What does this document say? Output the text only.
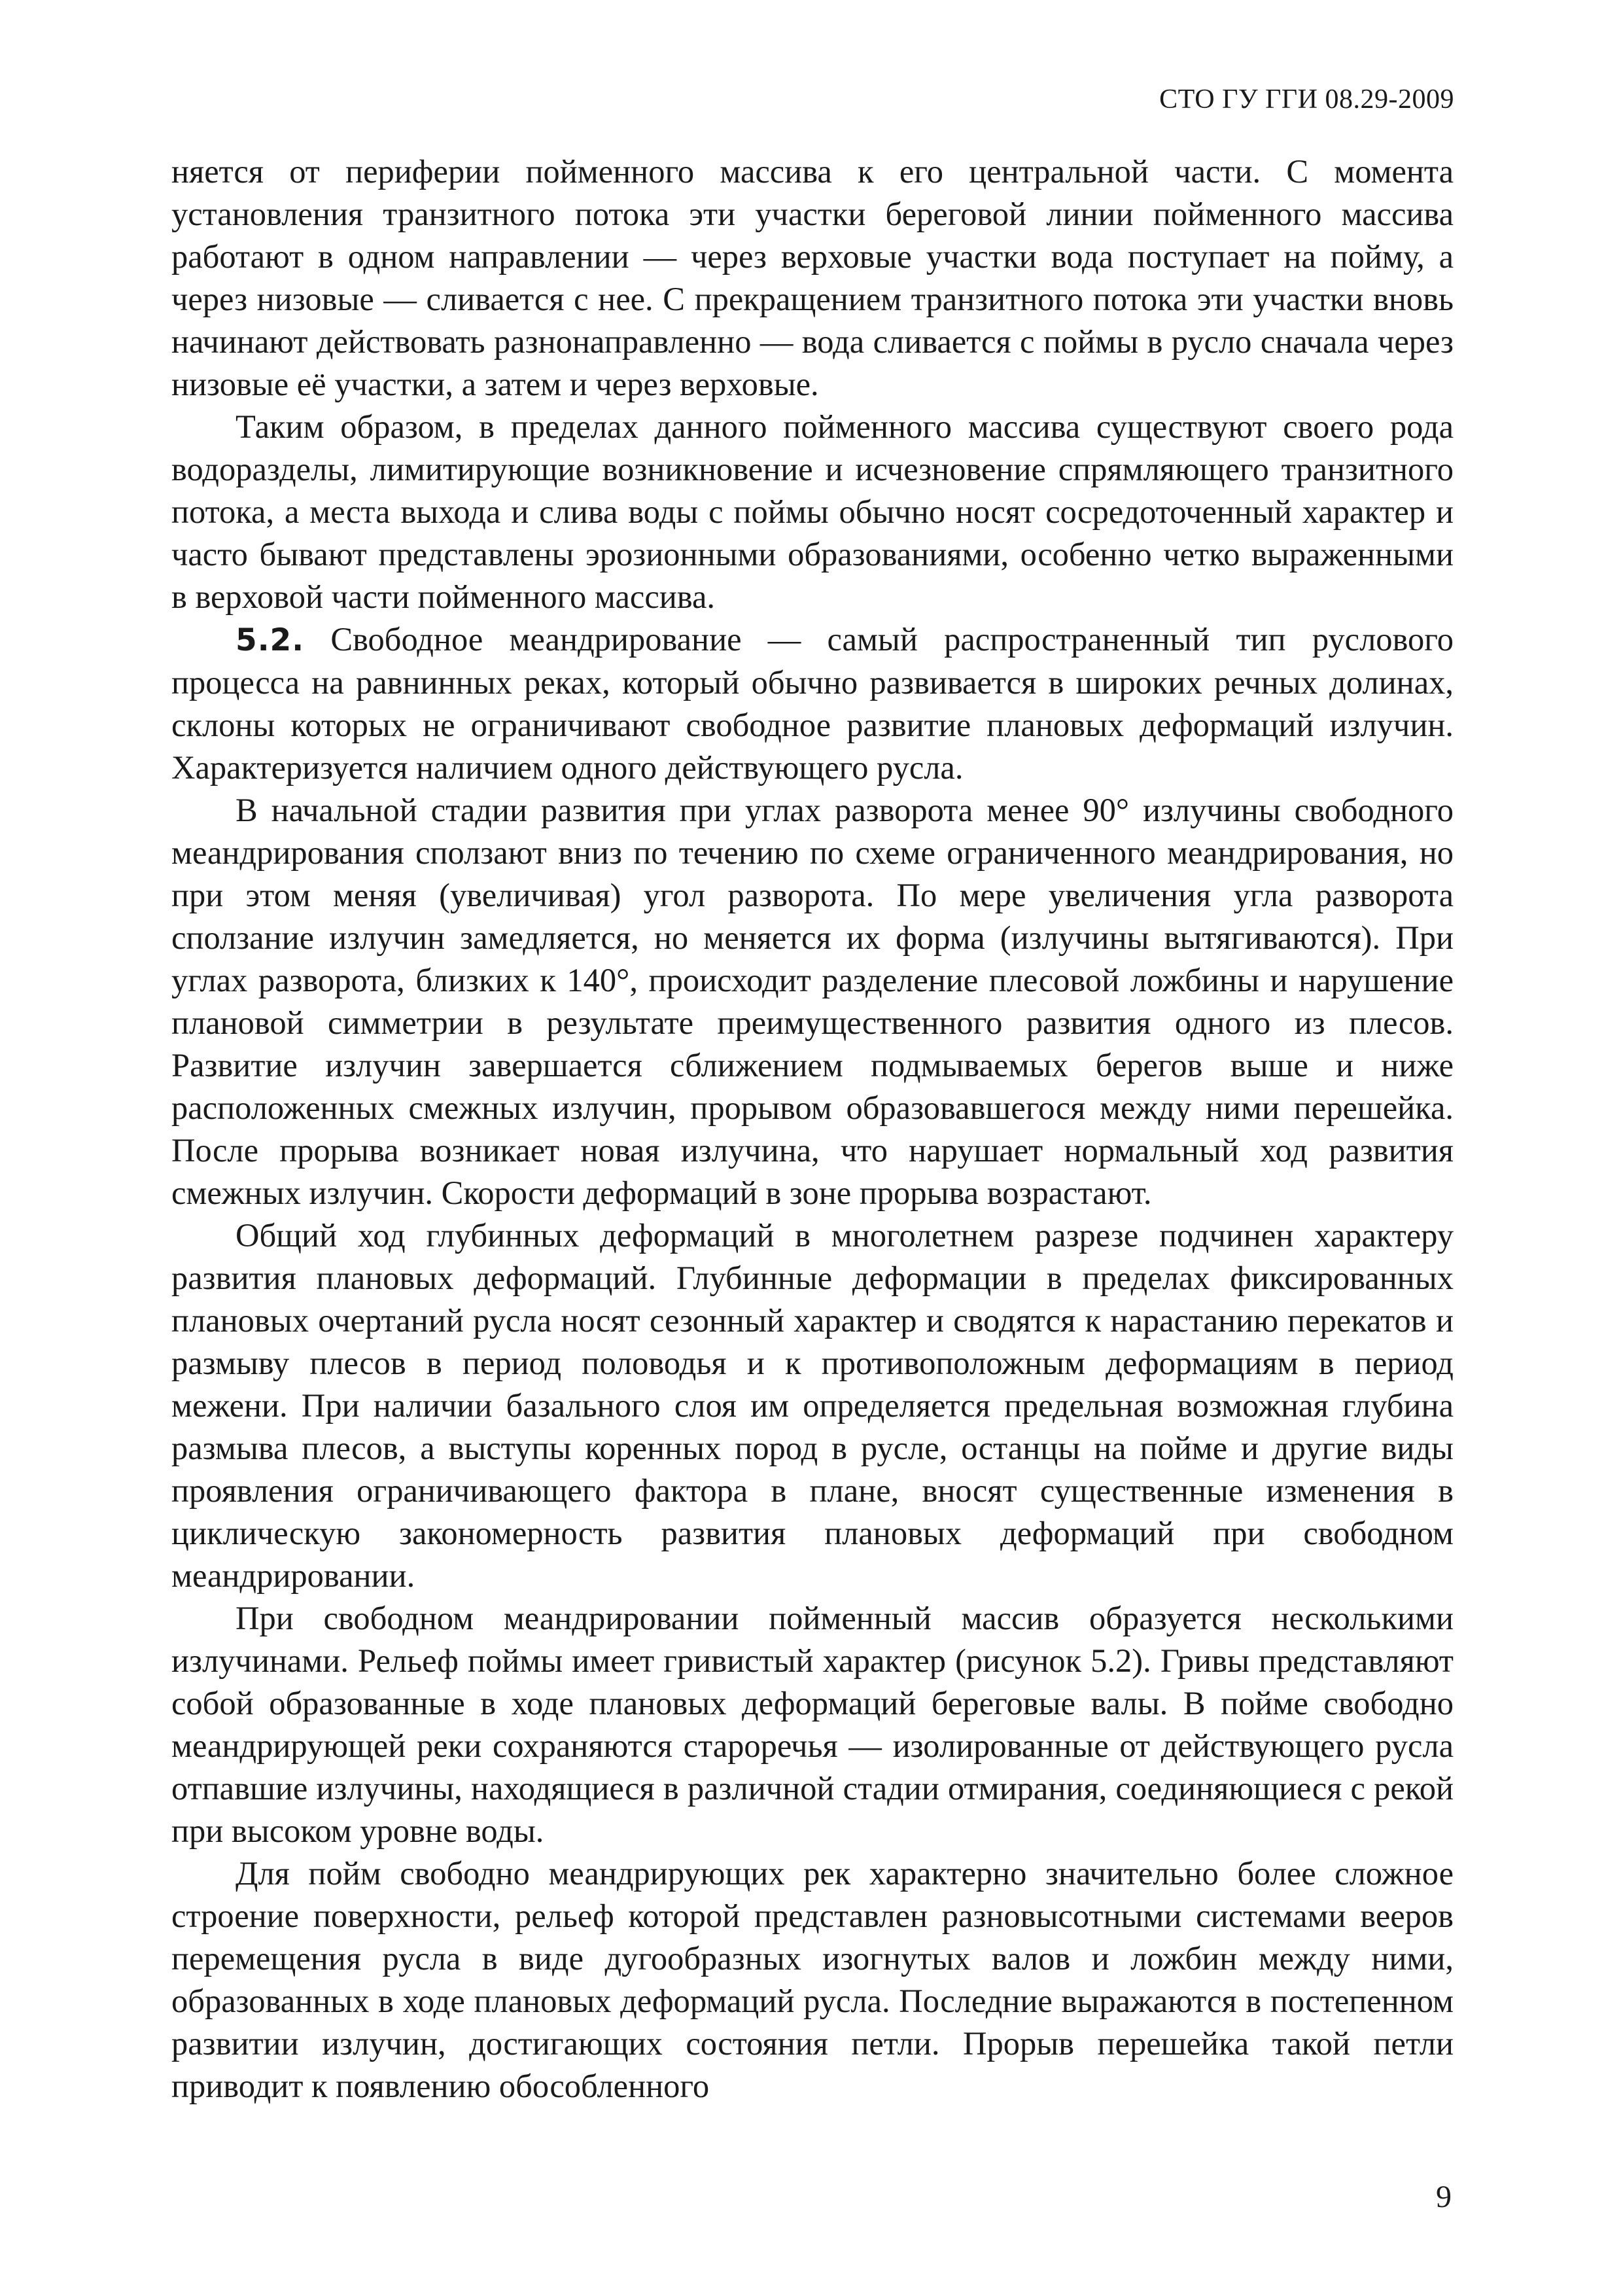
СТО ГУ ГГИ 08.29-2009

няется от периферии пойменного массива к его центральной части. С момента установления транзитного потока эти участки береговой линии пойменного массива работают в одном направлении — через верховые участки вода поступает на пойму, а через низовые — сливается с нее. С прекращением транзитного потока эти участки вновь начинают действовать разнонаправленно — вода сливается с поймы в русло сначала через низовые её участки, а затем и через верховые.

Таким образом, в пределах данного пойменного массива существуют своего рода водоразделы, лимитирующие возникновение и исчезновение спрямляющего транзитного потока, а места выхода и слива воды с поймы обычно носят сосредоточенный характер и часто бывают представлены эрозионными образованиями, особенно четко выраженными в верховой части пойменного массива.

5.2. Свободное меандрирование — самый распространенный тип руслового процесса на равнинных реках, который обычно развивается в широких речных долинах, склоны которых не ограничивают свободное развитие плановых деформаций излучин. Характеризуется наличием одного действующего русла.

В начальной стадии развития при углах разворота менее 90° излучины свободного меандрирования сползают вниз по течению по схеме ограниченного меандрирования, но при этом меняя (увеличивая) угол разворота. По мере увеличения угла разворота сползание излучин замедляется, но меняется их форма (излучины вытягиваются). При углах разворота, близких к 140°, происходит разделение плесовой ложбины и нарушение плановой симметрии в результате преимущественного развития одного из плесов. Развитие излучин завершается сближением подмываемых берегов выше и ниже расположенных смежных излучин, прорывом образовавшегося между ними перешейка. После прорыва возникает новая излучина, что нарушает нормальный ход развития смежных излучин. Скорости деформаций в зоне прорыва возрастают.

Общий ход глубинных деформаций в многолетнем разрезе подчинен характеру развития плановых деформаций. Глубинные деформации в пределах фиксированных плановых очертаний русла носят сезонный характер и сводятся к нарастанию перекатов и размыву плесов в период половодья и к противоположным деформациям в период межени. При наличии базального слоя им определяется предельная возможная глубина размыва плесов, а выступы коренных пород в русле, останцы на пойме и другие виды проявления ограничивающего фактора в плане, вносят существенные изменения в циклическую закономерность развития плановых деформаций при свободном меандрировании.

При свободном меандрировании пойменный массив образуется несколькими излучинами. Рельеф поймы имеет гривистый характер (рисунок 5.2). Гривы представляют собой образованные в ходе плановых деформаций береговые валы. В пойме свободно меандрирующей реки сохраняются староречья — изолированные от действующего русла отпавшие излучины, находящиеся в различной стадии отмирания, соединяющиеся с рекой при высоком уровне воды.

Для пойм свободно меандрирующих рек характерно значительно более сложное строение поверхности, рельеф которой представлен разновысотными системами вееров перемещения русла в виде дугообразных изогнутых валов и ложбин между ними, образованных в ходе плановых деформаций русла. Последние выражаются в постепенном развитии излучин, достигающих состояния петли. Прорыв перешейка такой петли приводит к появлению обособленного

9
